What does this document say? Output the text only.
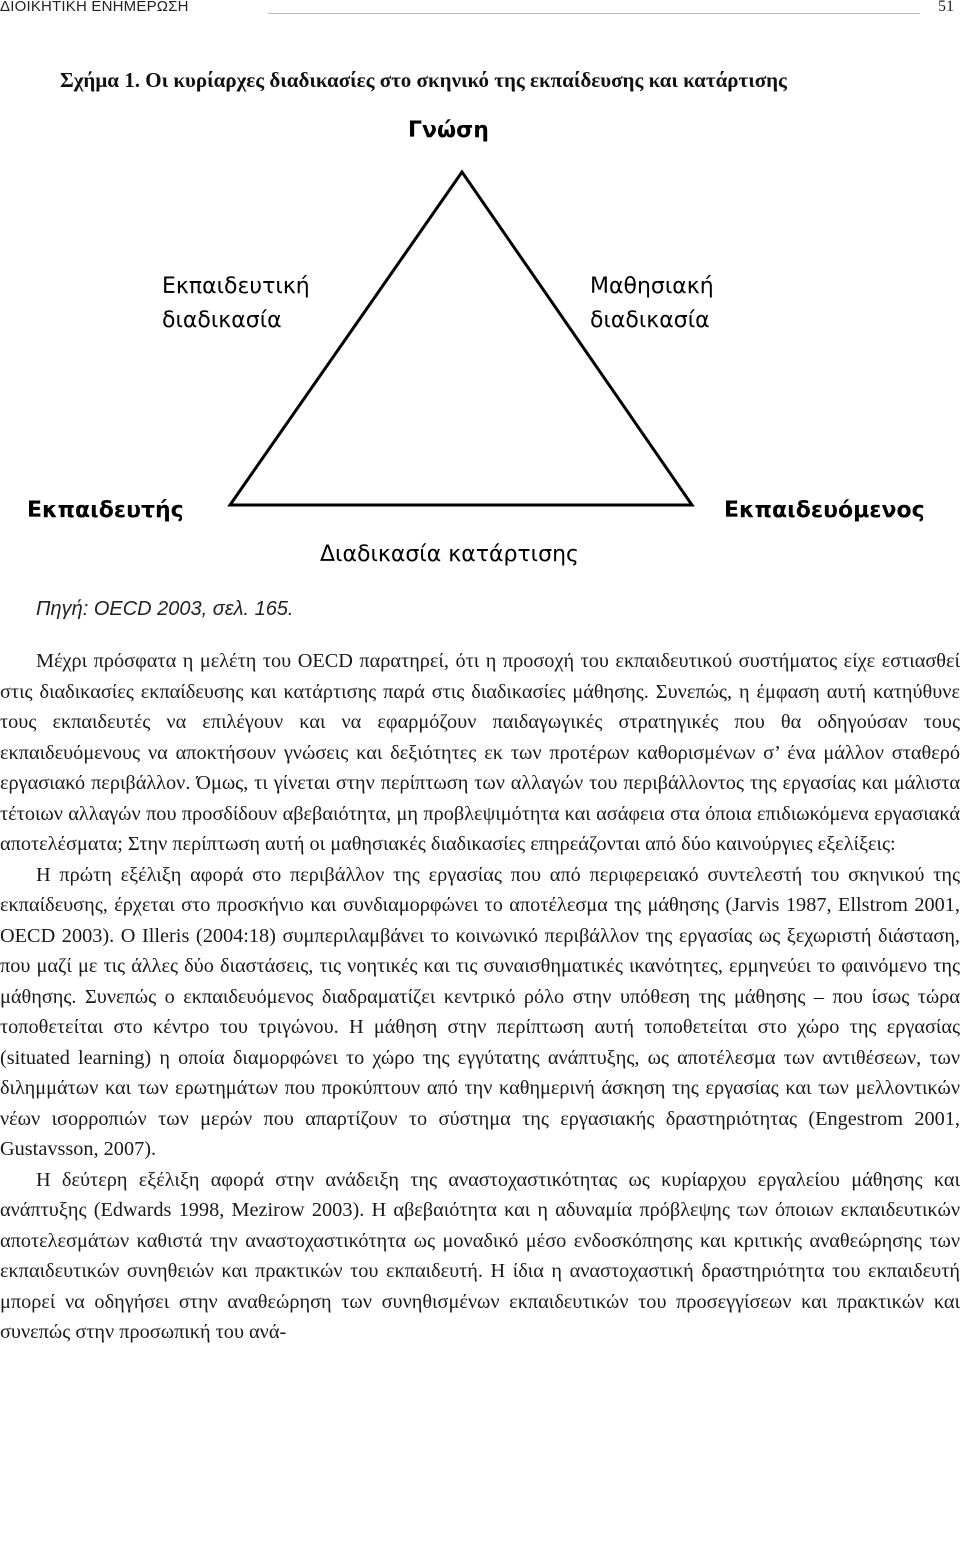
ΔΙΟΙΚΗΤΙΚΗ ΕΝΗΜΕΡΩΣΗ	51
Σχήμα 1. Οι κυρίαρχες διαδικασίες στο σκηνικό της εκπαίδευσης και κατάρτισης
Γνώση
Εκπαιδευτική
διαδικασία
Μαθησιακή
διαδικασία
Εκπαιδευτής	Εκπαιδευόμενος
Διαδικασία κατάρτισης
Πηγή: OECD 2003, σελ. 165.

Μέχρι πρόσφατα η μελέτη του OECD παρατηρεί, ότι η προσοχή του εκπαιδευτικού συστήματος είχε εστιασθεί στις διαδικασίες εκπαίδευσης και κατάρτισης παρά στις διαδικασίες μάθησης. Συνεπώς, η έμφαση αυτή κατηύθυνε τους εκπαιδευτές να επιλέγουν και να εφαρμόζουν παιδαγωγικές στρατηγικές που θα οδηγούσαν τους εκπαιδευόμενους να αποκτήσουν γνώσεις και δεξιότητες εκ των προτέρων καθορισμένων σ’ ένα μάλλον σταθερό εργασιακό περιβάλλον. Όμως, τι γίνεται στην περίπτωση των αλλαγών του περιβάλλοντος της εργασίας και μάλιστα τέτοιων αλλαγών που προσδίδουν αβεβαιότητα, μη προβλεψιμότητα και ασάφεια στα όποια επιδιωκόμενα εργασιακά αποτελέσματα; Στην περίπτωση αυτή οι μαθησιακές διαδικασίες επηρεάζονται από δύο καινούργιες εξελίξεις:

Η πρώτη εξέλιξη αφορά στο περιβάλλον της εργασίας που από περιφερειακό συντελεστή του σκηνικού της εκπαίδευσης, έρχεται στο προσκήνιο και συνδιαμορφώνει το αποτέλεσμα της μάθησης (Jarvis 1987, Ellstrom 2001, OECD 2003). Ο Illeris (2004:18) συμπεριλαμβάνει το κοινωνικό περιβάλλον της εργασίας ως ξεχωριστή διάσταση, που μαζί με τις άλλες δύο διαστάσεις, τις νοητικές και τις συναισθηματικές ικανότητες, ερμηνεύει το φαινόμενο της μάθησης. Συνεπώς ο εκπαιδευόμενος διαδραματίζει κεντρικό ρόλο στην υπόθεση της μάθησης – που ίσως τώρα τοποθετείται στο κέντρο του τριγώνου. Η μάθηση στην περίπτωση αυτή τοποθετείται στο χώρο της εργασίας (situated learning) η οποία διαμορφώνει το χώρο της εγγύτατης ανάπτυξης, ως αποτέλεσμα των αντιθέσεων, των διλημμάτων και των ερωτημάτων που προκύπτουν από την καθημερινή άσκηση της εργασίας και των μελλοντικών νέων ισορροπιών των μερών που απαρτίζουν το σύστημα της εργασιακής δραστηριότητας (Engestrom 2001, Gustavsson, 2007).

Η δεύτερη εξέλιξη αφορά στην ανάδειξη της αναστοχαστικότητας ως κυρίαρχου εργαλείου μάθησης και ανάπτυξης (Edwards 1998, Mezirow 2003). Η αβεβαιότητα και η αδυναμία πρόβλεψης των όποιων εκπαιδευτικών αποτελεσμάτων καθιστά την αναστοχαστικότητα ως μοναδικό μέσο ενδοσκόπησης και κριτικής αναθεώρησης των εκπαιδευτικών συνηθειών και πρακτικών του εκπαιδευτή. Η ίδια η αναστοχαστική δραστηριότητα του εκπαιδευτή μπορεί να οδηγήσει στην αναθεώρηση των συνηθισμένων εκπαιδευτικών του προσεγγίσεων και πρακτικών και συνεπώς στην προσωπική του ανά-
